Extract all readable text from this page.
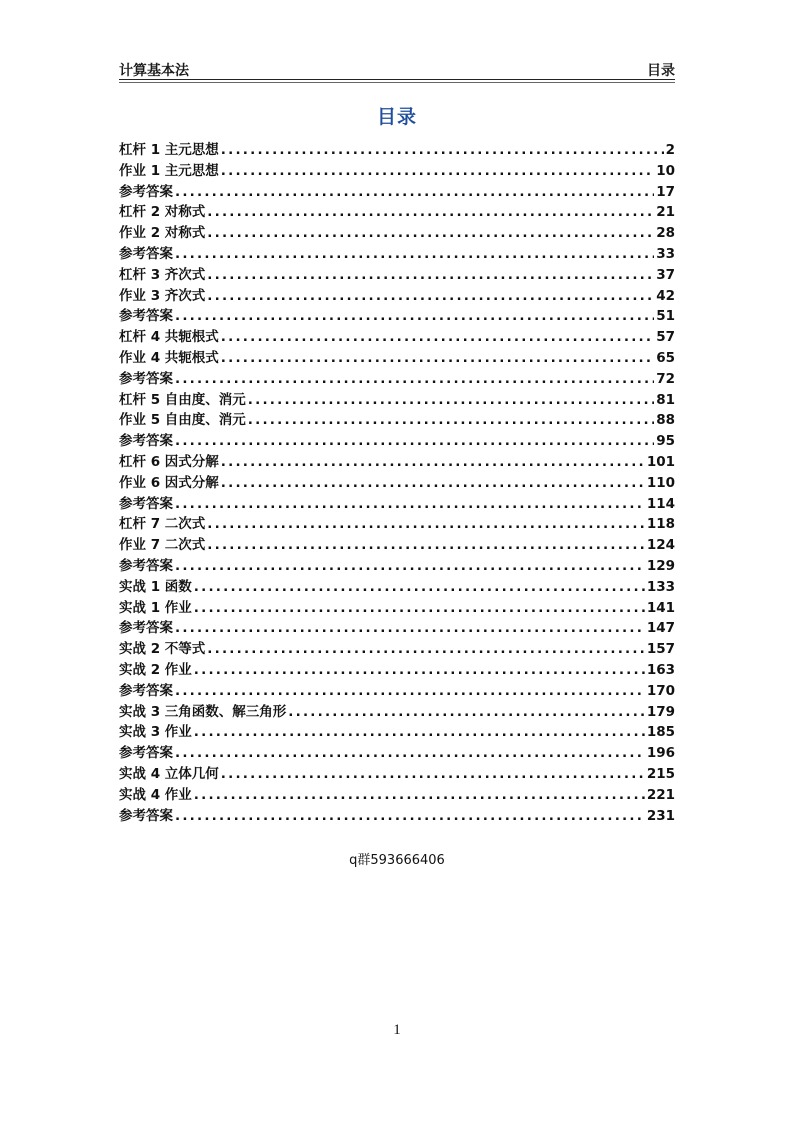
计算基本法	目录
目录
杠杆 1 主元思想 .....	2
作业 1 主元思想 .....	10
参考答案 .....	17
杠杆 2 对称式 .....	21
作业 2 对称式 .....	28
参考答案 .....	33
杠杆 3 齐次式 .....	37
作业 3 齐次式 .....	42
参考答案 .....	51
杠杆 4 共轭根式 .....	57
作业 4 共轭根式 .....	65
参考答案 .....	72
杠杆 5 自由度、消元 .....	81
作业 5 自由度、消元 .....	88
参考答案 .....	95
杠杆 6 因式分解 .....	101
作业 6 因式分解 .....	110
参考答案 .....	114
杠杆 7 二次式 .....	118
作业 7 二次式 .....	124
参考答案 .....	129
实战 1 函数 .....	133
实战 1 作业 .....	141
参考答案 .....	147
实战 2 不等式 .....	157
实战 2 作业 .....	163
参考答案 .....	170
实战 3 三角函数、解三角形 .....	179
实战 3 作业 .....	185
参考答案 .....	196
实战 4 立体几何 .....	215
实战 4 作业 .....	221
参考答案 .....	231
q群593666406
1
